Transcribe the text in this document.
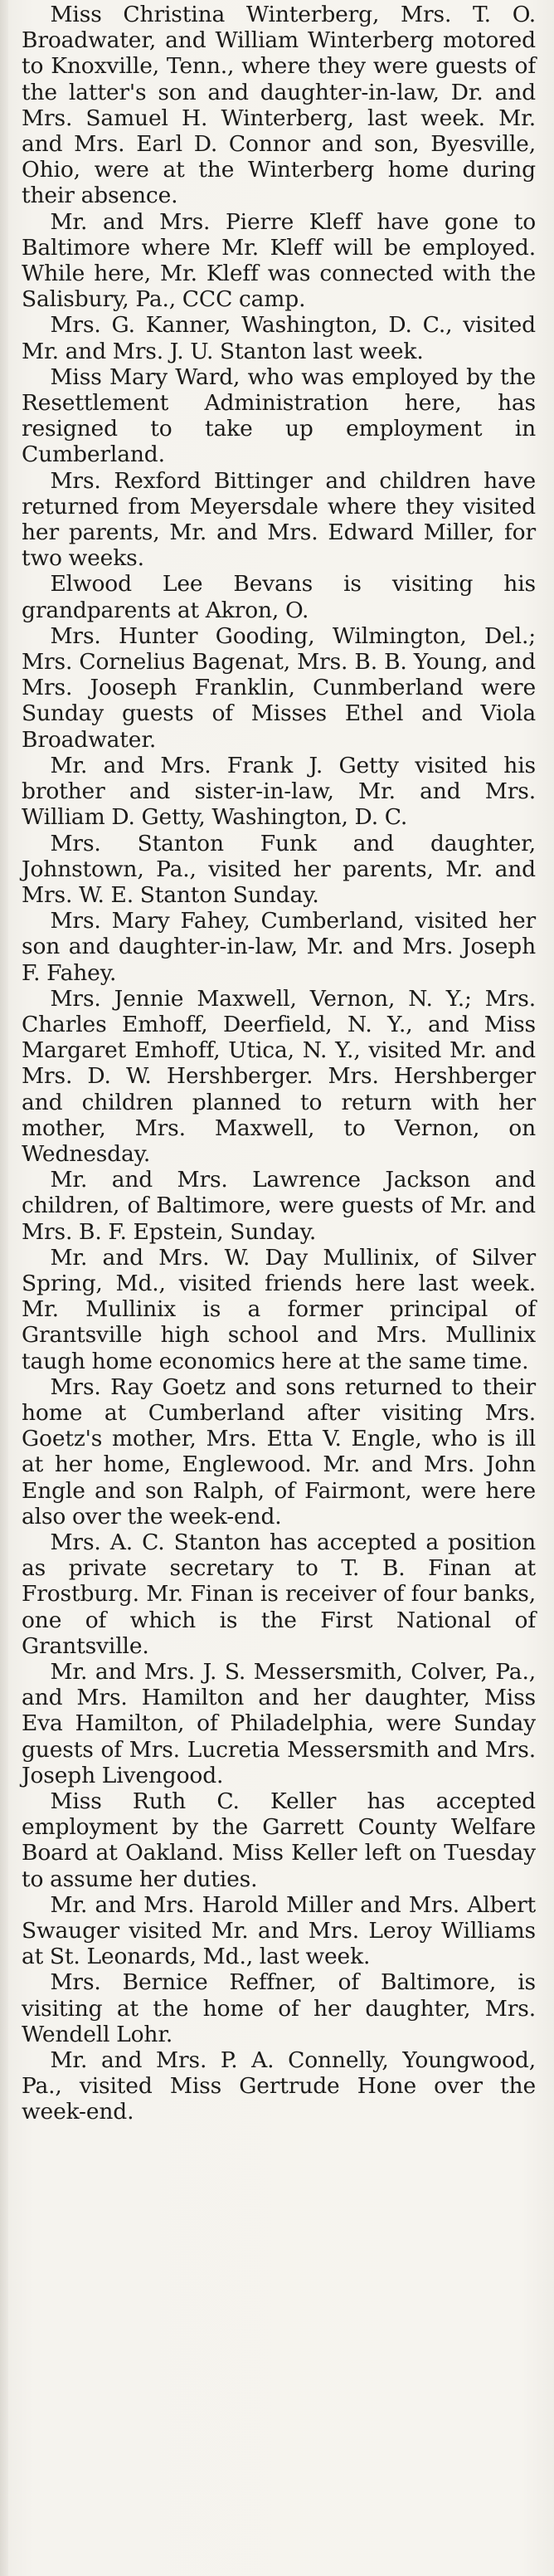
Miss Christina Winterberg, Mrs. T. O. Broadwater, and William Winterberg motored to Knoxville, Tenn., where they were guests of the latter's son and daughter-in-law, Dr. and Mrs. Samuel H. Winterberg, last week. Mr. and Mrs. Earl D. Connor and son, Byesville, Ohio, were at the Winterberg home during their absence.

Mr. and Mrs. Pierre Kleff have gone to Baltimore where Mr. Kleff will be employed. While here, Mr. Kleff was connected with the Salisbury, Pa., CCC camp.

Mrs. G. Kanner, Washington, D. C., visited Mr. and Mrs. J. U. Stanton last week.

Miss Mary Ward, who was employed by the Resettlement Administration here, has resigned to take up employment in Cumberland.

Mrs. Rexford Bittinger and children have returned from Meyersdale where they visited her parents, Mr. and Mrs. Edward Miller, for two weeks.

Elwood Lee Bevans is visiting his grandparents at Akron, O.

Mrs. Hunter Gooding, Wilmington, Del.; Mrs. Cornelius Bagenat, Mrs. B. B. Young, and Mrs. Jooseph Franklin, Cunmberland were Sunday guests of Misses Ethel and Viola Broadwater.

Mr. and Mrs. Frank J. Getty visited his brother and sister-in-law, Mr. and Mrs. William D. Getty, Washington, D. C.

Mrs. Stanton Funk and daughter, Johnstown, Pa., visited her parents, Mr. and Mrs. W. E. Stanton Sunday.

Mrs. Mary Fahey, Cumberland, visited her son and daughter-in-law, Mr. and Mrs. Joseph F. Fahey.

Mrs. Jennie Maxwell, Vernon, N. Y.; Mrs. Charles Emhoff, Deerfield, N. Y., and Miss Margaret Emhoff, Utica, N. Y., visited Mr. and Mrs. D. W. Hershberger. Mrs. Hershberger and children planned to return with her mother, Mrs. Maxwell, to Vernon, on Wednesday.

Mr. and Mrs. Lawrence Jackson and children, of Baltimore, were guests of Mr. and Mrs. B. F. Epstein, Sunday.

Mr. and Mrs. W. Day Mullinix, of Silver Spring, Md., visited friends here last week. Mr. Mullinix is a former principal of Grantsville high school and Mrs. Mullinix taugh home economics here at the same time.

Mrs. Ray Goetz and sons returned to their home at Cumberland after visiting Mrs. Goetz's mother, Mrs. Etta V. Engle, who is ill at her home, Englewood. Mr. and Mrs. John Engle and son Ralph, of Fairmont, were here also over the week-end.

Mrs. A. C. Stanton has accepted a position as private secretary to T. B. Finan at Frostburg. Mr. Finan is receiver of four banks, one of which is the First National of Grantsville.

Mr. and Mrs. J. S. Messersmith, Colver, Pa., and Mrs. Hamilton and her daughter, Miss Eva Hamilton, of Philadelphia, were Sunday guests of Mrs. Lucretia Messersmith and Mrs. Joseph Livengood.

Miss Ruth C. Keller has accepted employment by the Garrett County Welfare Board at Oakland. Miss Keller left on Tuesday to assume her duties.

Mr. and Mrs. Harold Miller and Mrs. Albert Swauger visited Mr. and Mrs. Leroy Williams at St. Leonards, Md., last week.

Mrs. Bernice Reffner, of Baltimore, is visiting at the home of her daughter, Mrs. Wendell Lohr.

Mr. and Mrs. P. A. Connelly, Youngwood, Pa., visited Miss Gertrude Hone over the week-end.
